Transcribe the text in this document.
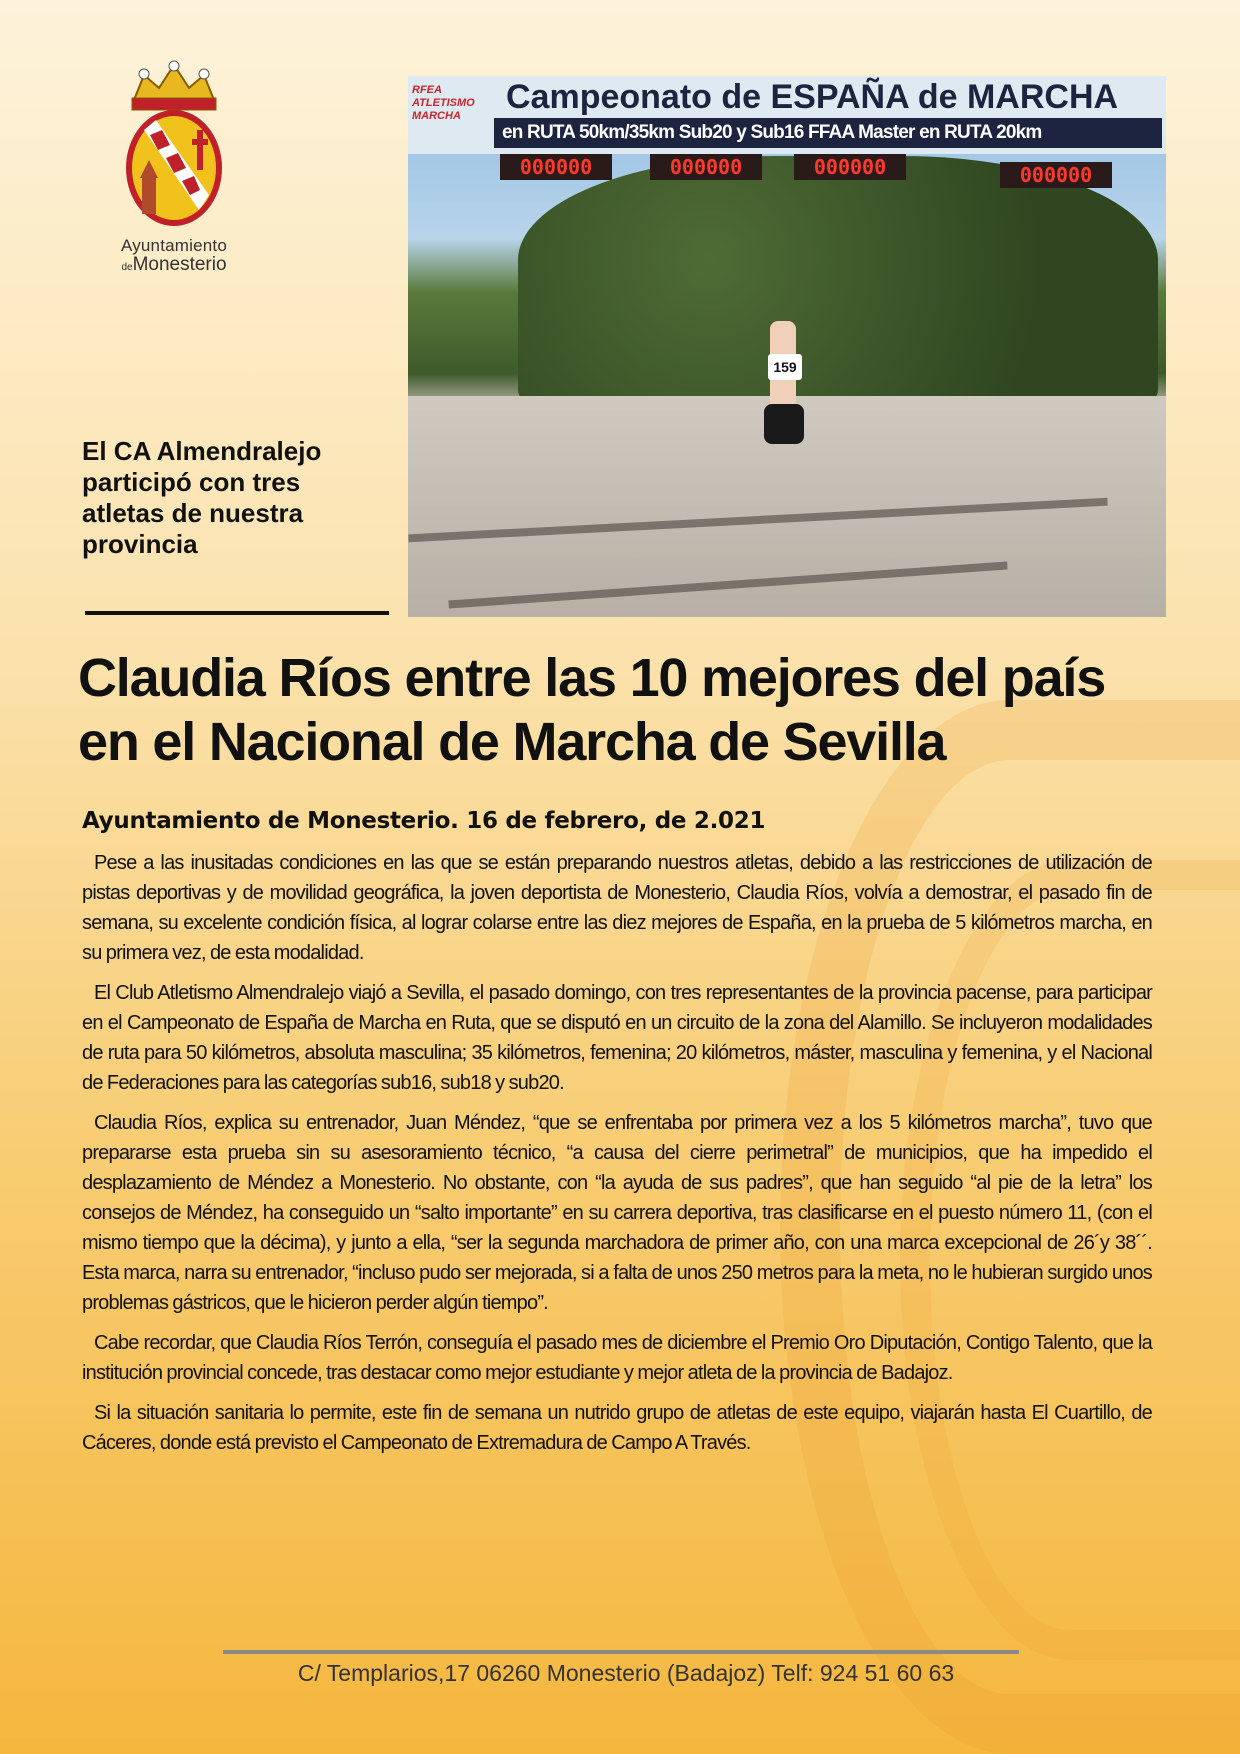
Ayuntamiento
deMonesterio
El CA Almendralejo participó con tres atletas de nuestra provincia
159
RFEA ATLETISMO MARCHA	Campeonato de ESPAÑA de MARCHA
en RUTA 50km/35km Sub20 y Sub16 FFAA Master en RUTA 20km
000000	000000	000000	000000
Claudia Ríos entre las 10 mejores del país en el Nacional de Marcha de Sevilla
Ayuntamiento de Monesterio. 16 de febrero, de 2.021

Pese a las inusitadas condiciones en las que se están preparando nuestros atletas, debido a las restricciones de utilización de pistas deportivas y de movilidad geográfica, la joven deportista de Monesterio, Claudia Ríos, volvía a demostrar, el pasado fin de semana, su excelente condición física, al lograr colarse entre las diez mejores de España, en la prueba de 5 kilómetros marcha, en su primera vez, de esta modalidad.

El Club Atletismo Almendralejo viajó a Sevilla, el pasado domingo, con tres representantes de la provincia pacense, para participar en el Campeonato de España de Marcha en Ruta, que se disputó en un circuito de la zona del Alamillo. Se incluyeron modalidades de ruta para 50 kilómetros, absoluta masculina; 35 kilómetros, femenina; 20 kilómetros, máster, masculina y femenina, y el Nacional de Federaciones para las categorías sub16, sub18 y sub20.

Claudia Ríos, explica su entrenador, Juan Méndez, “que se enfrentaba por primera vez a los 5 kilómetros marcha”, tuvo que prepararse esta prueba sin su asesoramiento técnico, “a causa del cierre perimetral” de municipios, que ha impedido el desplazamiento de Méndez a Monesterio. No obstante, con “la ayuda de sus padres”, que han seguido “al pie de la letra” los consejos de Méndez, ha conseguido un “salto importante” en su carrera deportiva, tras clasificarse en el puesto número 11, (con el mismo tiempo que la décima), y junto a ella, “ser la segunda marchadora de primer año, con una marca excepcional de 26´y 38´´. Esta marca, narra su entrenador, “incluso pudo ser mejorada, si a falta de unos 250 metros para la meta, no le hubieran surgido unos problemas gástricos, que le hicieron perder algún tiempo”.

Cabe recordar, que Claudia Ríos Terrón, conseguía el pasado mes de diciembre el Premio Oro Diputación, Contigo Talento, que la institución provincial concede, tras destacar como mejor estudiante y mejor atleta de la provincia de Badajoz.

Si la situación sanitaria lo permite, este fin de semana un nutrido grupo de atletas de este equipo, viajarán hasta El Cuartillo, de Cáceres, donde está previsto el Campeonato de Extremadura de Campo A Través.

C/ Templarios,17 06260 Monesterio (Badajoz) Telf: 924 51 60 63
